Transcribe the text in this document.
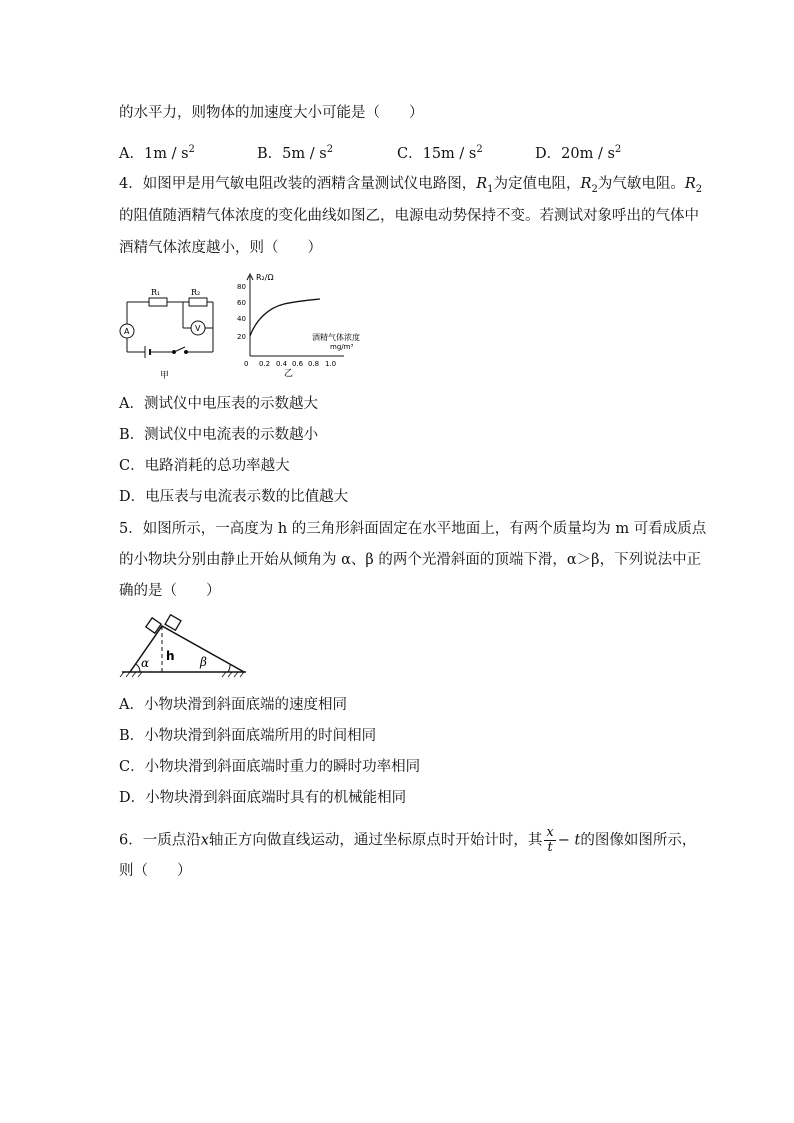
的水平力，则物体的加速度大小可能是（　　）
A．$1m / s^2$	B．$5m / s^2$	C．$15m / s^2$	D．$20m / s^2$
4．如图甲是用气敏电阻改装的酒精含量测试仪电路图，$R_1$为定值电阻，$R_2$为气敏电阻。$R_2$
的阻值随酒精气体浓度的变化曲线如图乙，电源电动势保持不变。若测试对象呼出的气体中
酒精气体浓度越小，则（　　）
R₁	R₂
A	V
甲
R₂/Ω
80
60
40
20
0 0.2 0.4 0.6 0.8 1.0
酒精气体浓度
mg/m³
乙
A．测试仪中电压表的示数越大
B．测试仪中电流表的示数越小
C．电路消耗的总功率越大
D．电压表与电流表示数的比值越大
5．如图所示，一高度为 h 的三角形斜面固定在水平地面上，有两个质量均为 m 可看成质点
的小物块分别由静止开始从倾角为 α、β 的两个光滑斜面的顶端下滑，α＞β，下列说法中正
确的是（　　）
h
α	β
A．小物块滑到斜面底端的速度相同
B．小物块滑到斜面底端所用的时间相同
C．小物块滑到斜面底端时重力的瞬时功率相同
D．小物块滑到斜面底端时具有的机械能相同
6．一质点沿x轴正方向做直线运动，通过坐标原点时开始计时，其 $\frac{x}{t} - t$的图像如图所示，
则（　　）
